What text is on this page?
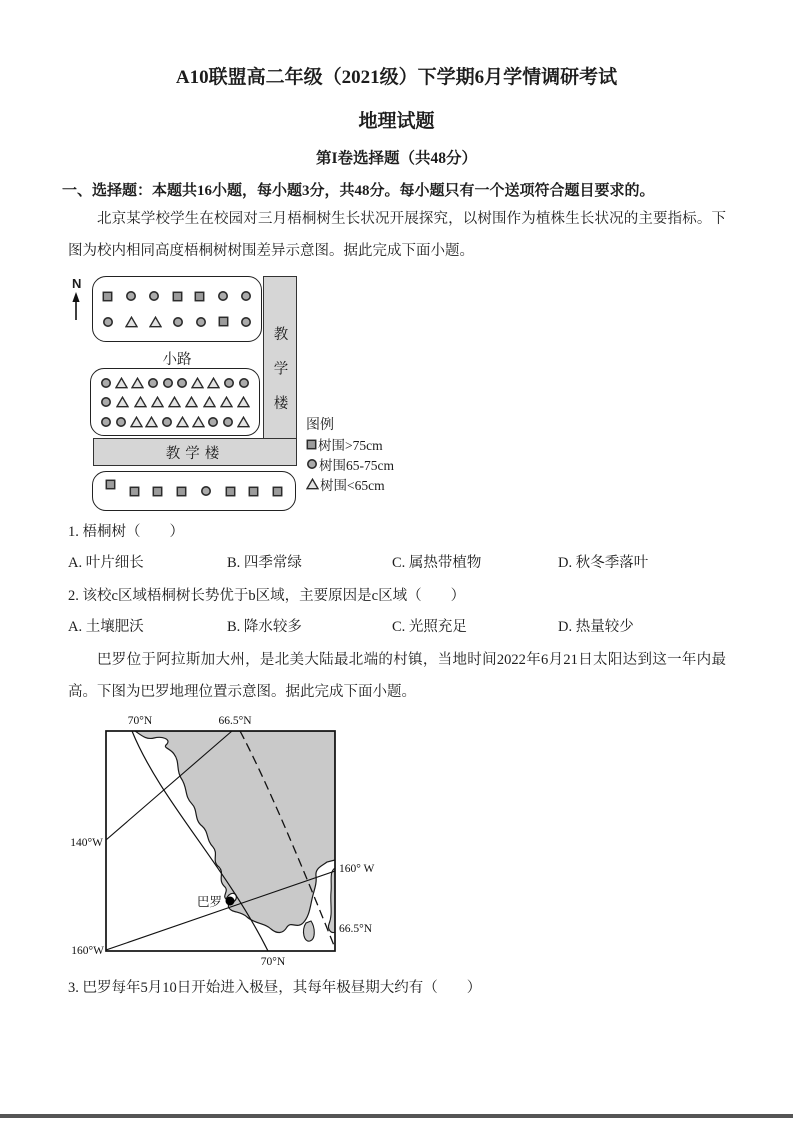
A10联盟高二年级（2021级）下学期6月学情调研考试
地理试题
第I卷选择题（共48分）
一、选择题：本题共16小题，每小题3分，共48分。每小题只有一个送项符合题目要求的。
北京某学校学生在校园对三月梧桐树生长状况开展探究，以树围作为植株生长状况的主要指标。下图为校内相同高度梧桐树树围差异示意图。据此完成下面小题。
N
小路	教学楼
教学楼
图例
树围>75cm
树围65-75cm
树围<65cm
1. 梧桐树（　　）
A. 叶片细长	B. 四季常绿	C. 属热带植物	D. 秋冬季落叶
2. 该校c区域梧桐树长势优于b区域，主要原因是c区域（　　）
A. 土壤肥沃	B. 降水较多	C. 光照充足	D. 热量较少
巴罗位于阿拉斯加大州，是北美大陆最北端的村镇，当地时间2022年6月21日太阳达到这一年内最高。下图为巴罗地理位置示意图。据此完成下面小题。
巴罗
70°N	66.5°N
140°W
160°W
160° W
66.5°N
70°N
3. 巴罗每年5月10日开始进入极昼，其每年极昼期大约有（　　）
